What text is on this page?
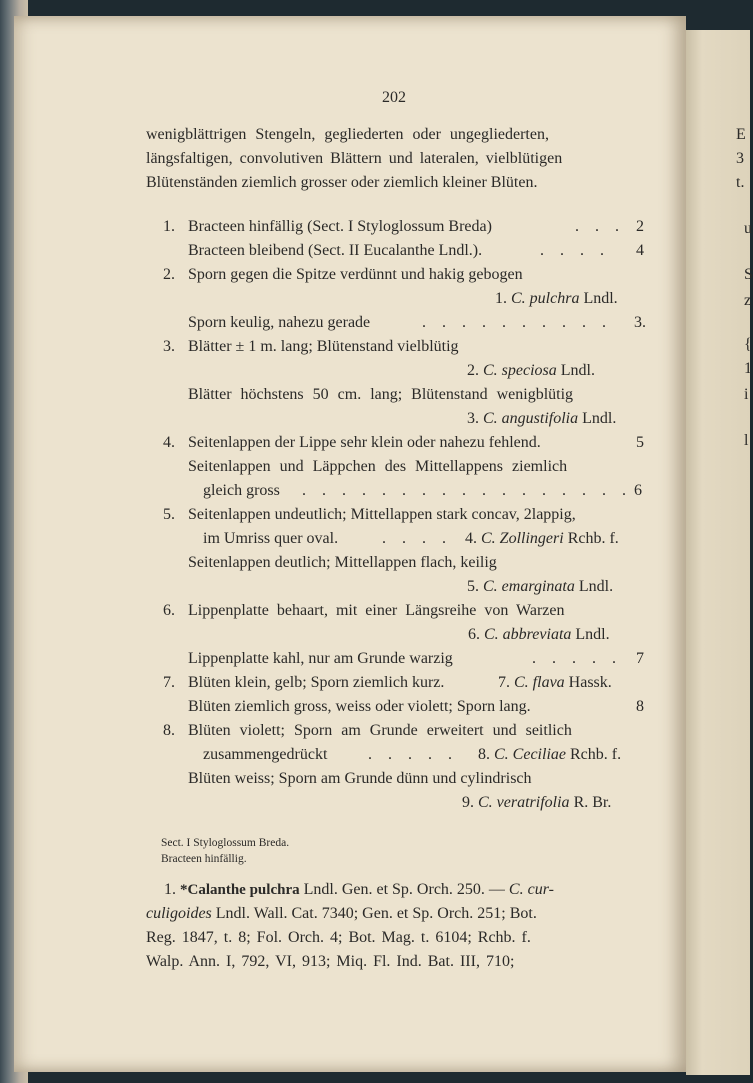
E
3
t.
u
S
z
{
1
i
l
202
wenigblättrigen Stengeln, gegliederten oder ungegliederten,
längsfaltigen, convolutiven Blättern und lateralen, vielblütigen
Blütenständen ziemlich grosser oder ziemlich kleiner Blüten.
1. Bracteen hinfällig (Sect. I Styloglossum Breda)	. . . 2
Bracteen bleibend (Sect. II Eucalanthe Lndl.).	. . . . 4
2. Sporn gegen die Spitze verdünnt und hakig gebogen
1. C. pulchra Lndl.
Sporn keulig, nahezu gerade	. . . . . . . . . . 3.
3. Blätter ± 1 m. lang; Blütenstand vielblütig
2. C. speciosa Lndl.
Blätter höchstens 50 cm. lang; Blütenstand wenigblütig
3. C. angustifolia Lndl.
4. Seitenlappen der Lippe sehr klein oder nahezu fehlend.	5
Seitenlappen und Läppchen des Mittellappens ziemlich
gleich gross . . . . . . . . . . . . . . . . . 6
5. Seitenlappen undeutlich; Mittellappen stark concav, 2lappig,
im Umriss quer oval.	. . . . 4. C. Zollingeri Rchb. f.
Seitenlappen deutlich; Mittellappen flach, keilig
5. C. emarginata Lndl.
6. Lippenplatte behaart, mit einer Längsreihe von Warzen
6. C. abbreviata Lndl.
Lippenplatte kahl, nur am Grunde warzig	. . . . . 7
7. Blüten klein, gelb; Sporn ziemlich kurz.	7. C. flava Hassk.
Blüten ziemlich gross, weiss oder violett; Sporn lang.	8
8. Blüten violett; Sporn am Grunde erweitert und seitlich
zusammengedrückt	. . . . . 8. C. Ceciliae Rchb. f.
Blüten weiss; Sporn am Grunde dünn und cylindrisch
9. C. veratrifolia R. Br.
Sect. I Styloglossum Breda.
Bracteen hinfällig.
1. *Calanthe pulchra Lndl. Gen. et Sp. Orch. 250. — C. cur-
culigoides Lndl. Wall. Cat. 7340; Gen. et Sp. Orch. 251; Bot.
Reg. 1847, t. 8; Fol. Orch. 4; Bot. Mag. t. 6104; Rchb. f.
Walp. Ann. I, 792, VI, 913; Miq. Fl. Ind. Bat. III, 710;
